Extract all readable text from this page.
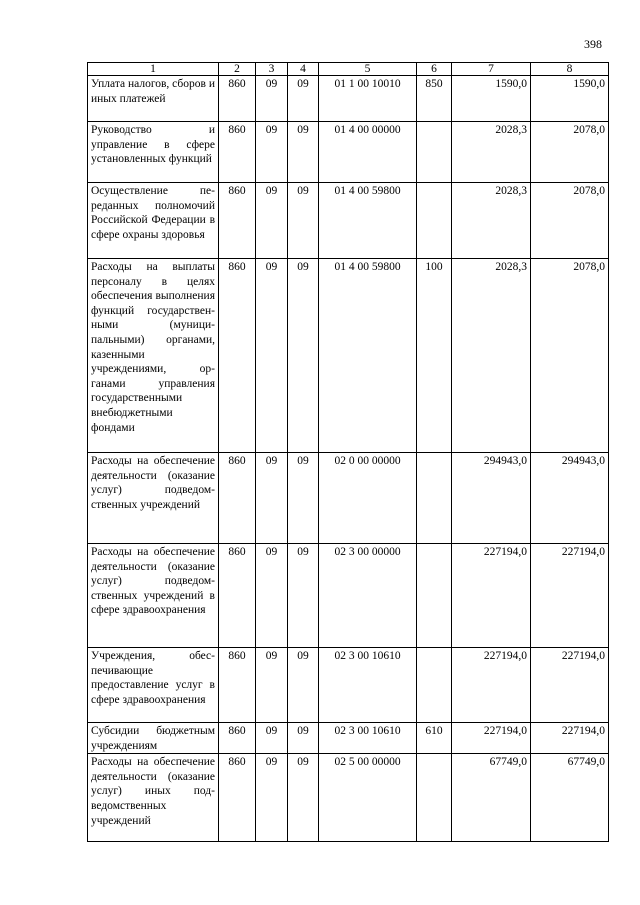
398
1	2	3	4	5	6	7	8
Уплата налогов, сборов и иных платежей	860	09	09	01 1 00 10010	850	1590,0	1590,0
Руководство и управление в сфере установленных функций	860	09	09	01 4 00 00000		2028,3	2078,0
Осуществление переданных полномочий Российской Федерации в сфере охраны здоровья	860	09	09	01 4 00 59800		2028,3	2078,0
Расходы на выплаты персоналу в целях обеспечения выполнения функций государственными (муниципальными) органами, казенными учреждениями, органами управления государственными внебюджетными фондами	860	09	09	01 4 00 59800	100	2028,3	2078,0
Расходы на обеспечение деятельности (оказание услуг) подведомственных учреждений	860	09	09	02 0 00 00000		294943,0	294943,0
Расходы на обеспечение деятельности (оказание услуг) подведомственных учреждений в сфере здравоохранения	860	09	09	02 3 00 00000		227194,0	227194,0
Учреждения, обеспечивающие предоставление услуг в сфере здравоохранения	860	09	09	02 3 00 10610		227194,0	227194,0
Субсидии бюджетным учреждениям	860	09	09	02 3 00 10610	610	227194,0	227194,0
Расходы на обеспечение деятельности (оказание услуг) иных подведомственных учреждений	860	09	09	02 5 00 00000		67749,0	67749,0
